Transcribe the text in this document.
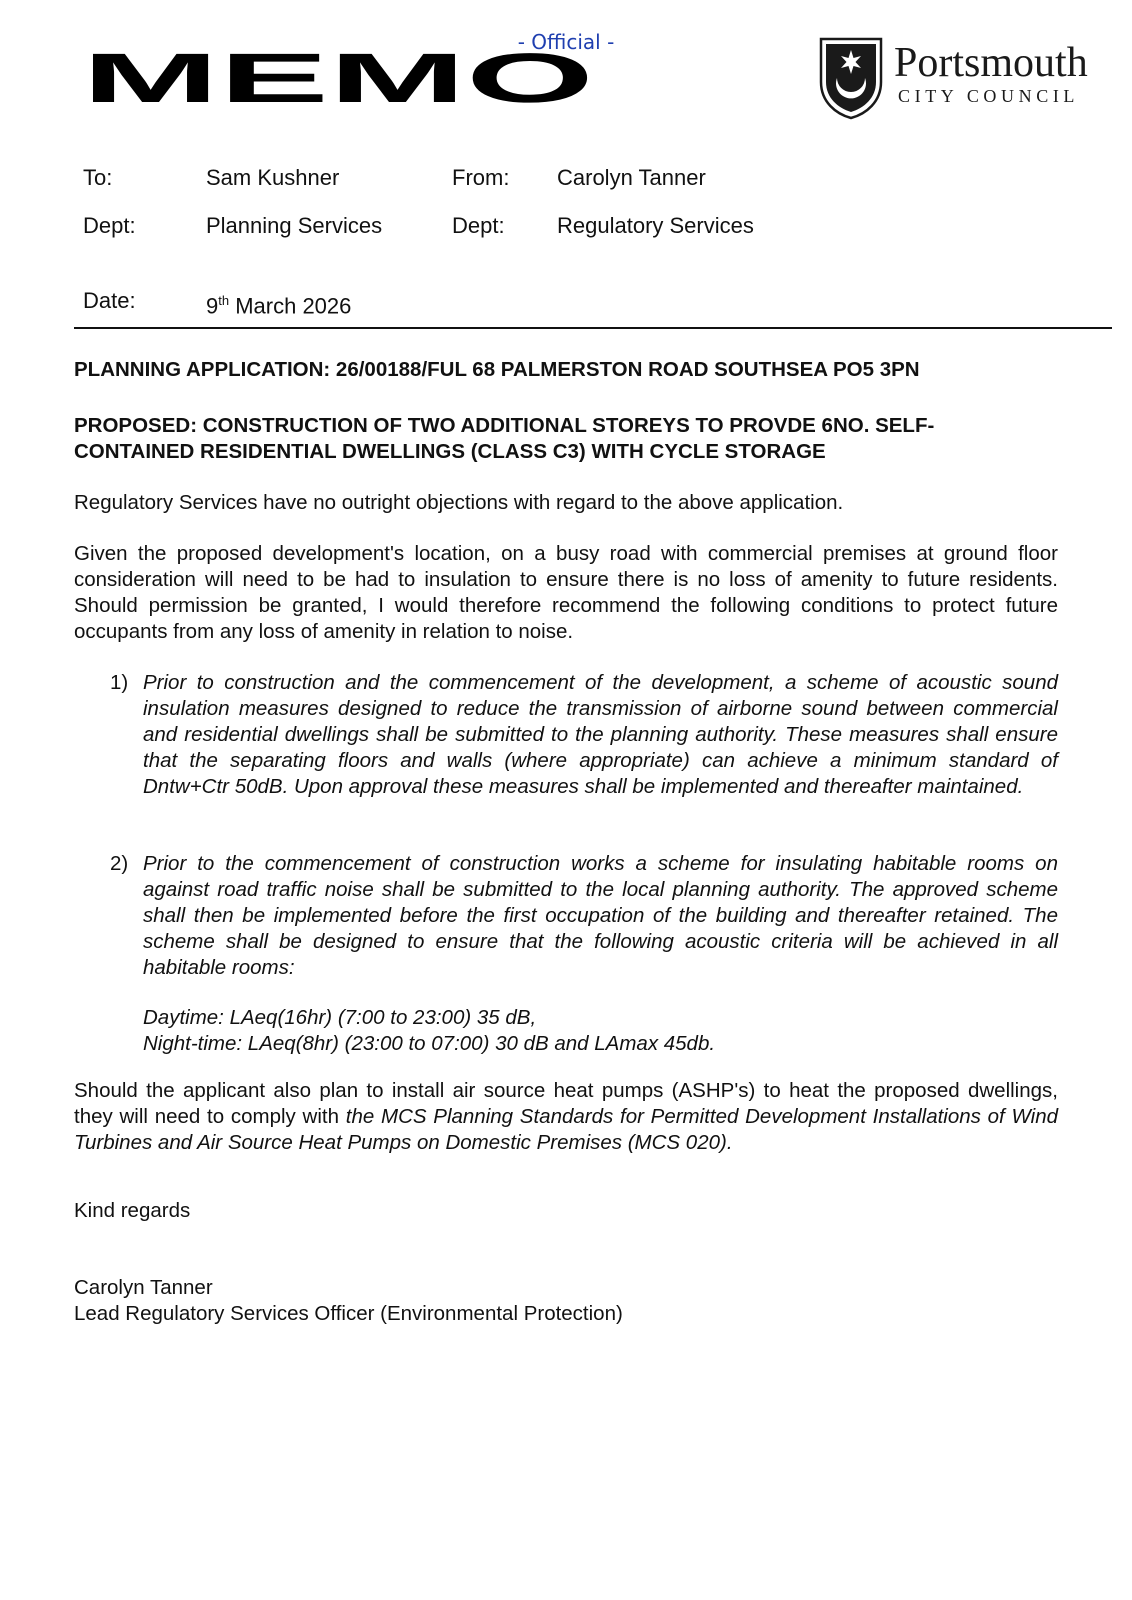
- Official -
MEMO	Portsmouth
CITY COUNCIL
To:	Sam Kushner	From: Carolyn Tanner
Dept:	Planning Services	Dept: Regulatory Services
Date:	9th March 2026
PLANNING APPLICATION: 26/00188/FUL 68 PALMERSTON ROAD SOUTHSEA PO5 3PN
PROPOSED: CONSTRUCTION OF TWO ADDITIONAL STOREYS TO PROVDE 6NO. SELF-CONTAINED RESIDENTIAL DWELLINGS (CLASS C3) WITH CYCLE STORAGE
Regulatory Services have no outright objections with regard to the above application.
Given the proposed development's location, on a busy road with commercial premises at ground floor consideration will need to be had to insulation to ensure there is no loss of amenity to future residents. Should permission be granted, I would therefore recommend the following conditions to protect future occupants from any loss of amenity in relation to noise.
1) Prior to construction and the commencement of the development, a scheme of acoustic sound insulation measures designed to reduce the transmission of airborne sound between commercial and residential dwellings shall be submitted to the planning authority. These measures shall ensure that the separating floors and walls (where appropriate) can achieve a minimum standard of Dntw+Ctr 50dB. Upon approval these measures shall be implemented and thereafter maintained.
2) Prior to the commencement of construction works a scheme for insulating habitable rooms on against road traffic noise shall be submitted to the local planning authority. The approved scheme shall then be implemented before the first occupation of the building and thereafter retained. The scheme shall be designed to ensure that the following acoustic criteria will be achieved in all habitable rooms:
Daytime: LAeq(16hr) (7:00 to 23:00) 35 dB,
Night-time: LAeq(8hr) (23:00 to 07:00) 30 dB and LAmax 45db.
Should the applicant also plan to install air source heat pumps (ASHP's) to heat the proposed dwellings, they will need to comply with the MCS Planning Standards for Permitted Development Installations of Wind Turbines and Air Source Heat Pumps on Domestic Premises (MCS 020).
Kind regards
Carolyn Tanner
Lead Regulatory Services Officer (Environmental Protection)
